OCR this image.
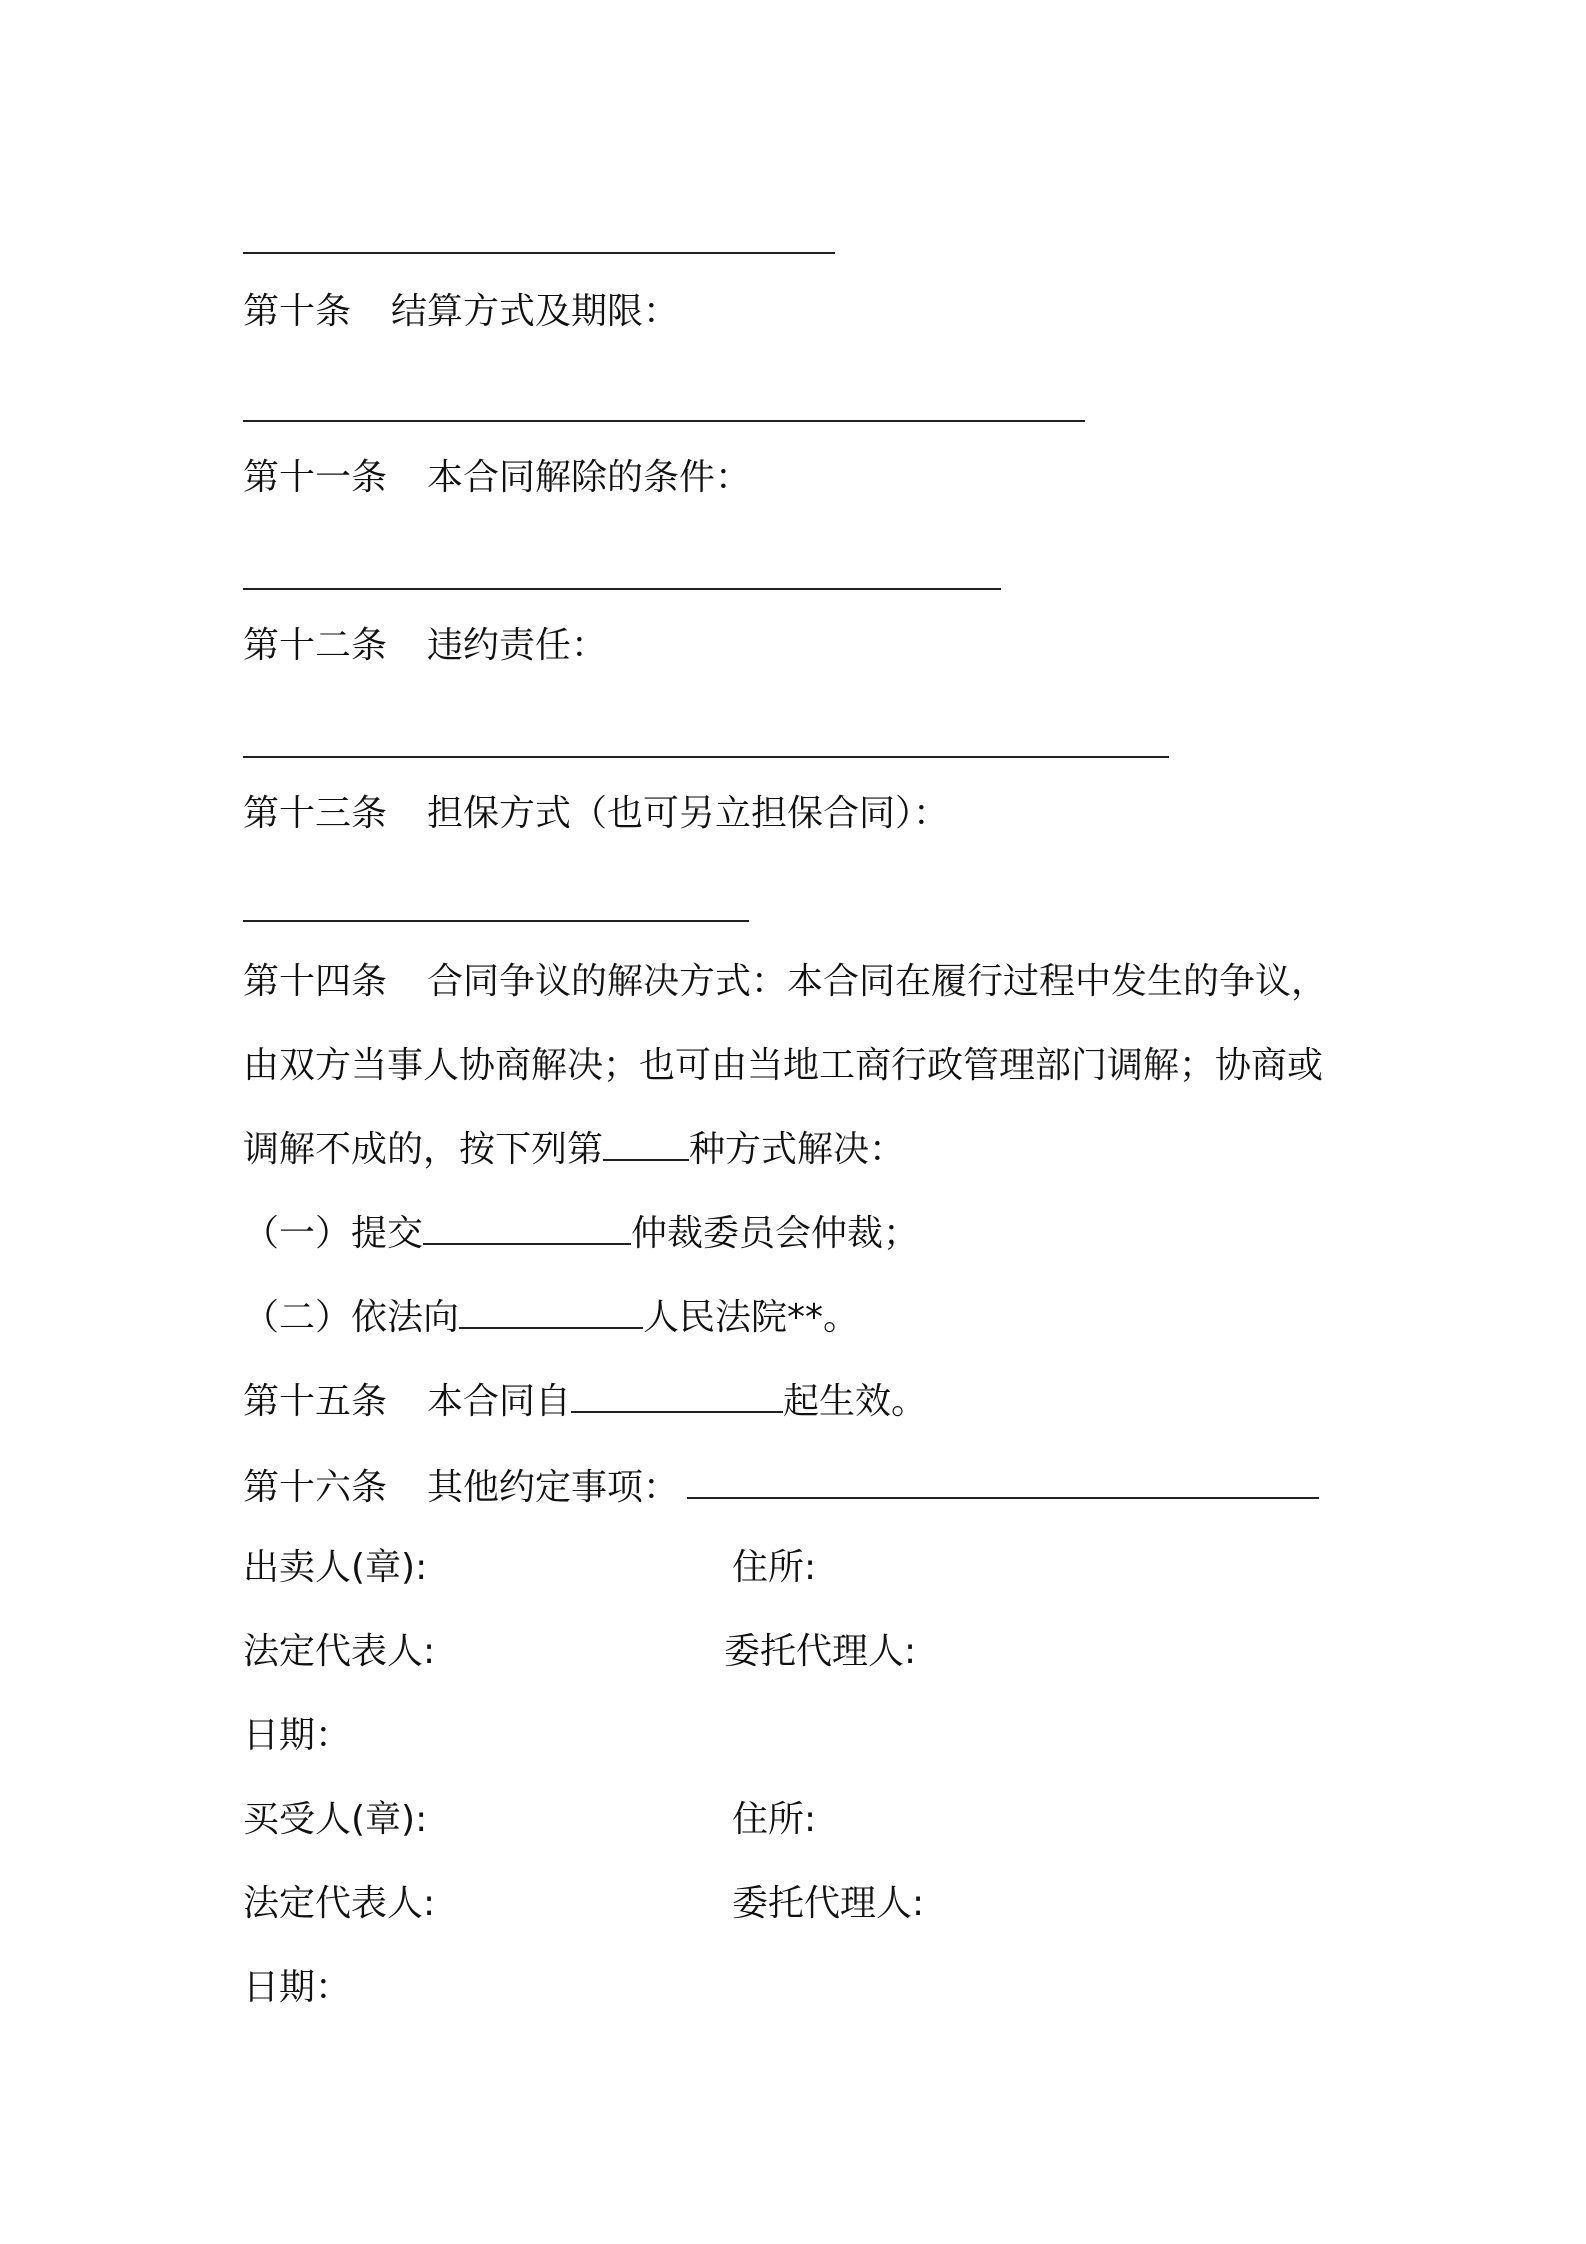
第十条 结算方式及期限：
第十一条 本合同解除的条件：
第十二条 违约责任：
第十三条 担保方式（也可另立担保合同）：
第十四条 合同争议的解决方式：本合同在履行过程中发生的争议，
由双方当事人协商解决；也可由当地工商行政管理部门调解；协商或
调解不成的，按下列第 种方式解决：
（一）提交	仲裁委员会仲裁；
（二）依法向	人民法院**。
第十五条 本合同自	起生效。
第十六条 其他约定事项：
出卖人(章):	住所:
法定代表人:	委托代理人:
日期：
买受人(章):	住所:
法定代表人:	委托代理人:
日期：
